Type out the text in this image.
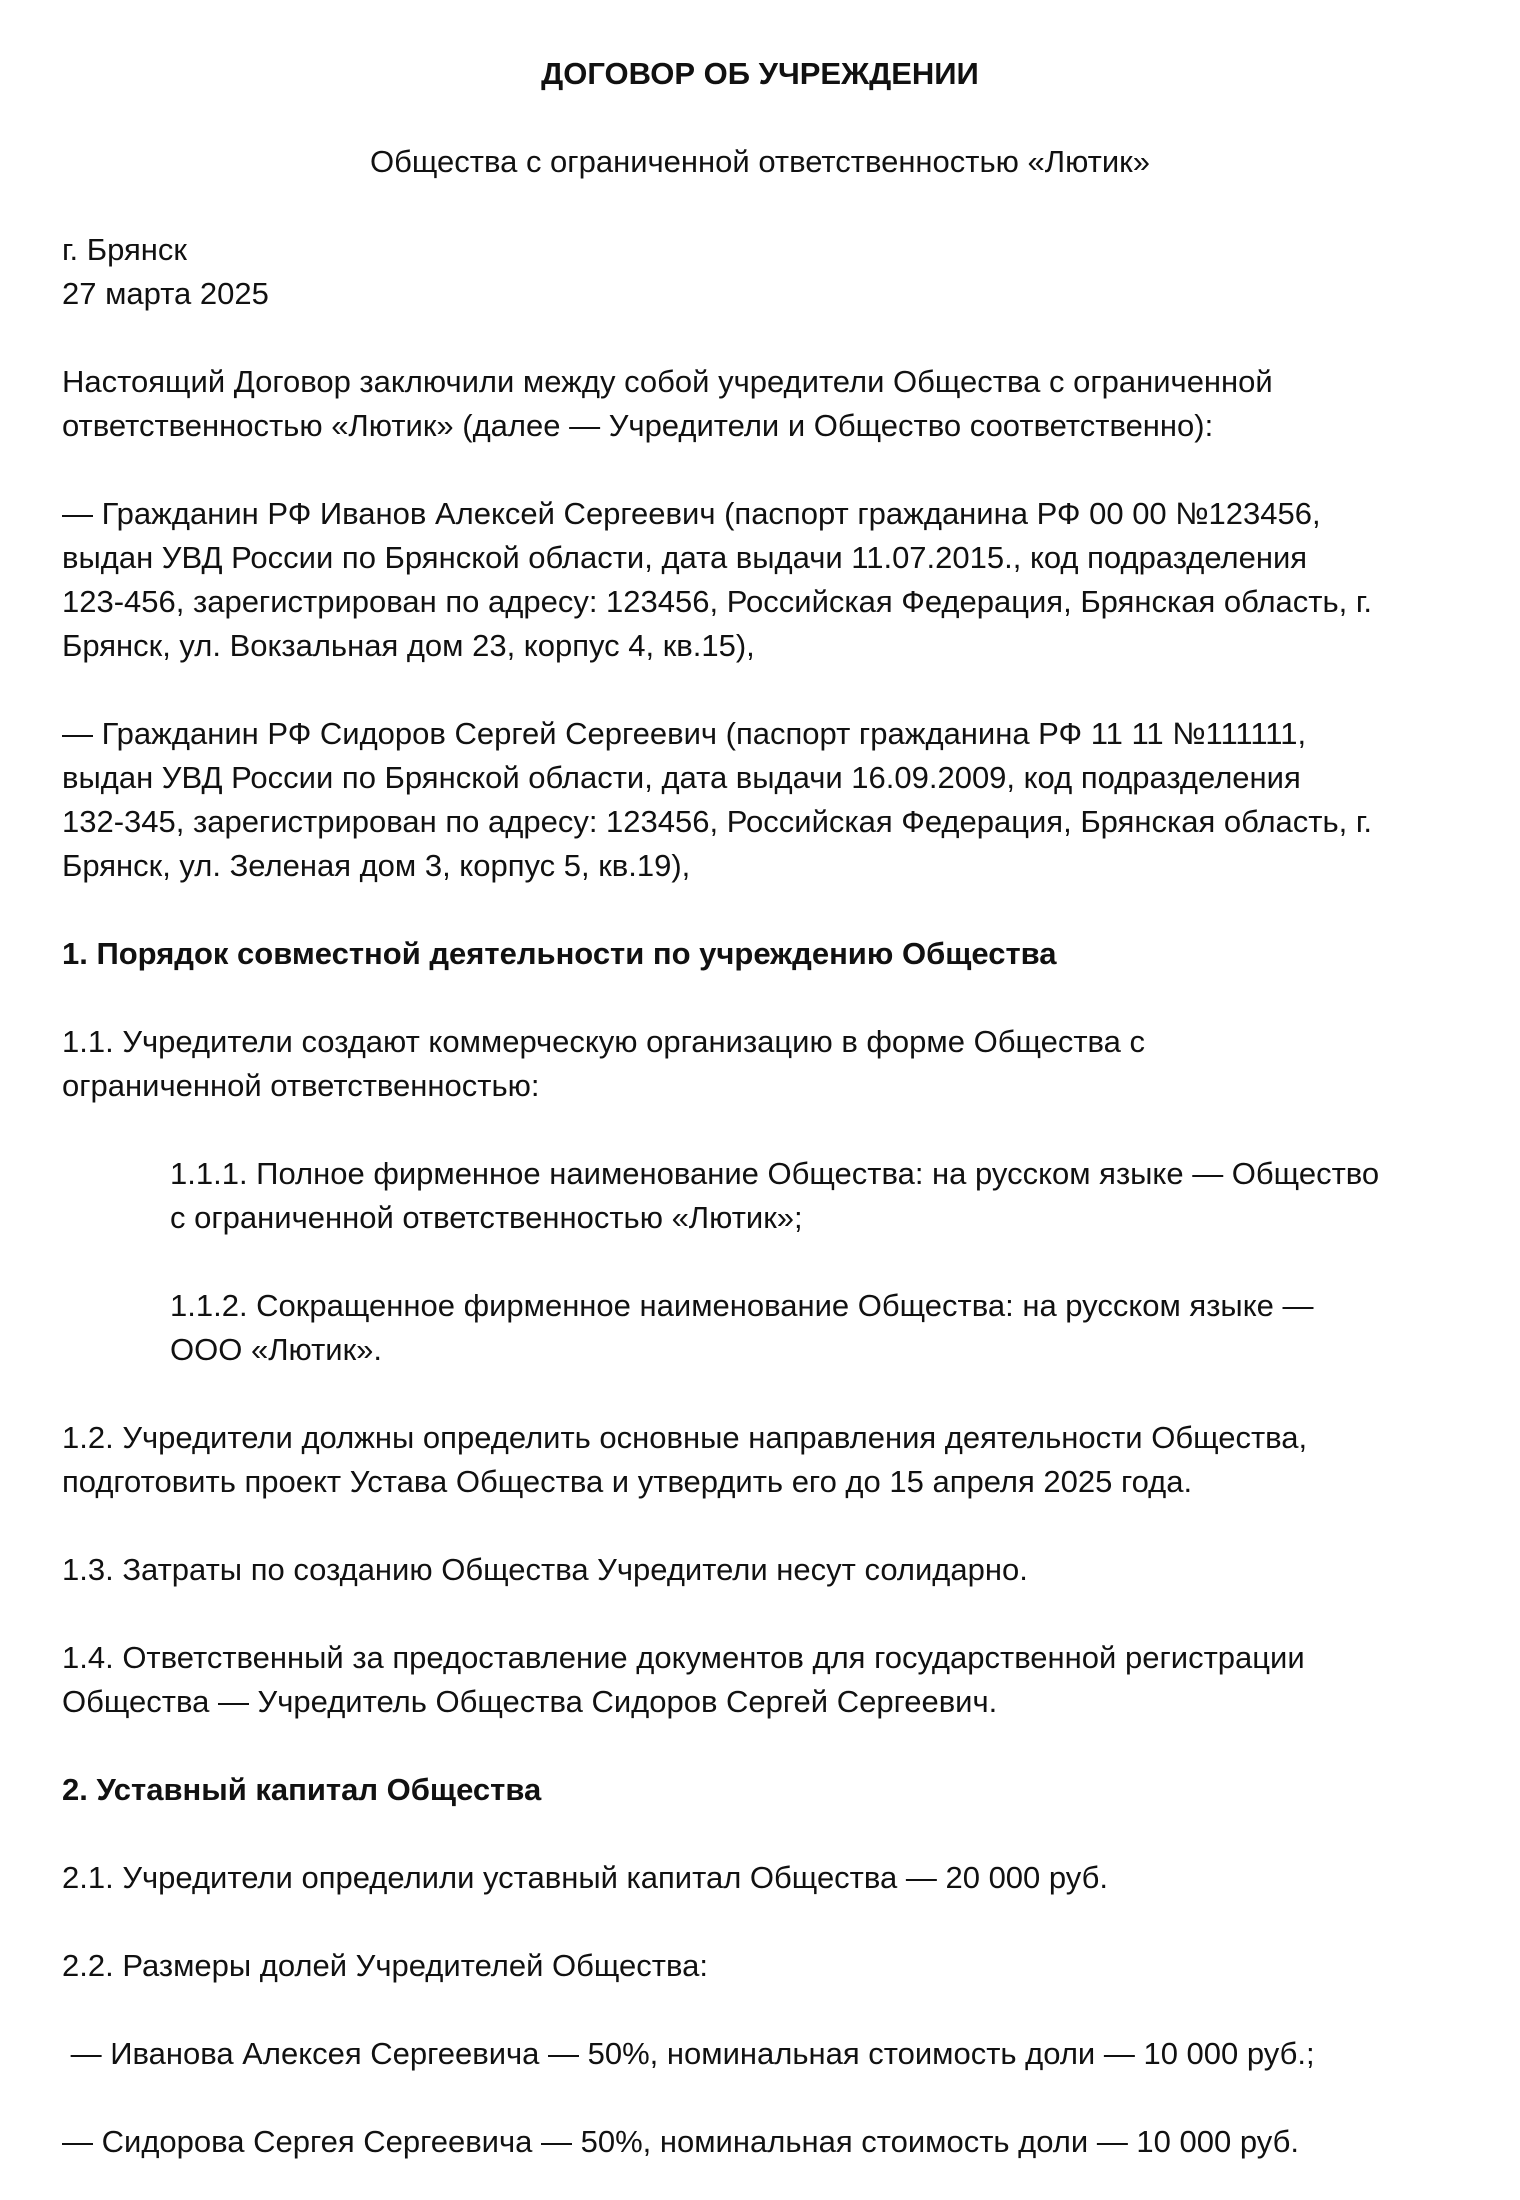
ДОГОВОР ОБ УЧРЕЖДЕНИИ

Общества с ограниченной ответственностью «Лютик»

г. Брянск
27 марта 2025
Настоящий Договор заключили между собой учредители Общества с ограниченной
ответственностью «Лютик» (далее — Учредители и Общество соответственно):
— Гражданин РФ Иванов Алексей Сергеевич (паспорт гражданина РФ 00 00 №123456,
выдан УВД России по Брянской области, дата выдачи 11.07.2015., код подразделения
123-456, зарегистрирован по адресу: 123456, Российская Федерация, Брянская область, г.
Брянск, ул. Вокзальная дом 23, корпус 4, кв.15),
— Гражданин РФ Сидоров Сергей Сергеевич (паспорт гражданина РФ 11 11 №111111,
выдан УВД России по Брянской области, дата выдачи 16.09.2009, код подразделения
132-345, зарегистрирован по адресу: 123456, Российская Федерация, Брянская область, г.
Брянск, ул. Зеленая дом 3, корпус 5, кв.19),
1. Порядок совместной деятельности по учреждению Общества
1.1. Учредители создают коммерческую организацию в форме Общества с
ограниченной ответственностью:
1.1.1. Полное фирменное наименование Общества: на русском языке — Общество
с ограниченной ответственностью «Лютик»;
1.1.2. Сокращенное фирменное наименование Общества: на русском языке —
ООО «Лютик».
1.2. Учредители должны определить основные направления деятельности Общества,
подготовить проект Устава Общества и утвердить его до 15 апреля 2025 года.
1.3. Затраты по созданию Общества Учредители несут солидарно.
1.4. Ответственный за предоставление документов для государственной регистрации
Общества — Учредитель Общества Сидоров Сергей Сергеевич.
2. Уставный капитал Общества
2.1. Учредители определили уставный капитал Общества — 20 000 руб.
2.2. Размеры долей Учредителей Общества:
— Иванова Алексея Сергеевича — 50%, номинальная стоимость доли — 10 000 руб.;
— Сидорова Сергея Сергеевича — 50%, номинальная стоимость доли — 10 000 руб.
